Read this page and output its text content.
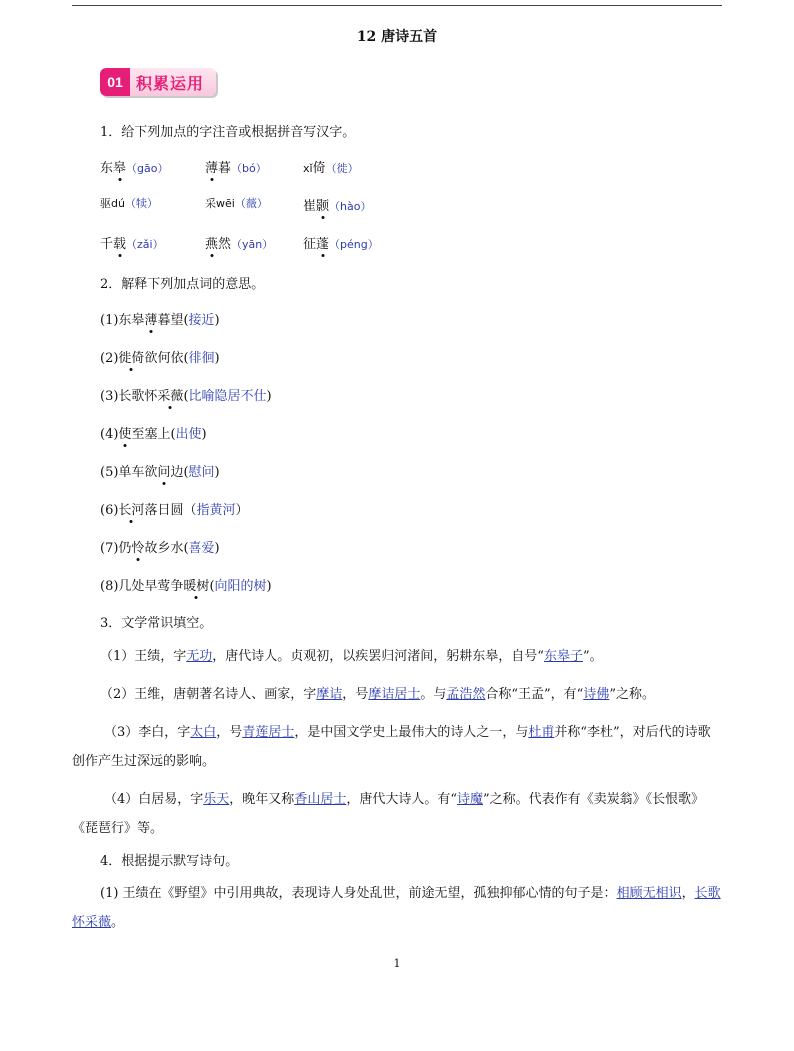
12 唐诗五首
01 积累运用
1．给下列加点的字注音或根据拼音写汉字。
东皋（gāo）	薄暮（bó）	xǐ倚（徙）
驱dú（犊）	采wēi（薇）	崔颢（hào）
千载（zǎi）	燕然（yān） 征蓬（péng）
2．解释下列加点词的意思。
(1)东皋薄暮望(接近)
(2)徙倚欲何依(徘徊)
(3)长歌怀采薇(比喻隐居不仕)
(4)使至塞上(出使)
(5)单车欲问边(慰问)
(6)长河落日圆（指黄河）
(7)仍怜故乡水(喜爱)
(8)几处早莺争暖树(向阳的树)
3．文学常识填空。
（1）王绩，字无功，唐代诗人。贞观初，以疾罢归河渚间，躬耕东皋，自号“东皋子”。
（2）王维，唐朝著名诗人、画家，字摩诘，号摩诘居士。与孟浩然合称“王孟”，有“诗佛”之称。
（3）李白，字太白，号青莲居士，是中国文学史上最伟大的诗人之一，与杜甫并称“李杜”，对后代的诗歌创作产生过深远的影响。
（4）白居易，字乐天，晚年又称香山居士，唐代大诗人。有“诗魔”之称。代表作有《卖炭翁》《长恨歌》《琵琶行》等。
4．根据提示默写诗句。
(1) 王绩在《野望》中引用典故，表现诗人身处乱世，前途无望，孤独抑郁心情的句子是：相顾无相识，长歌怀采薇。
1
